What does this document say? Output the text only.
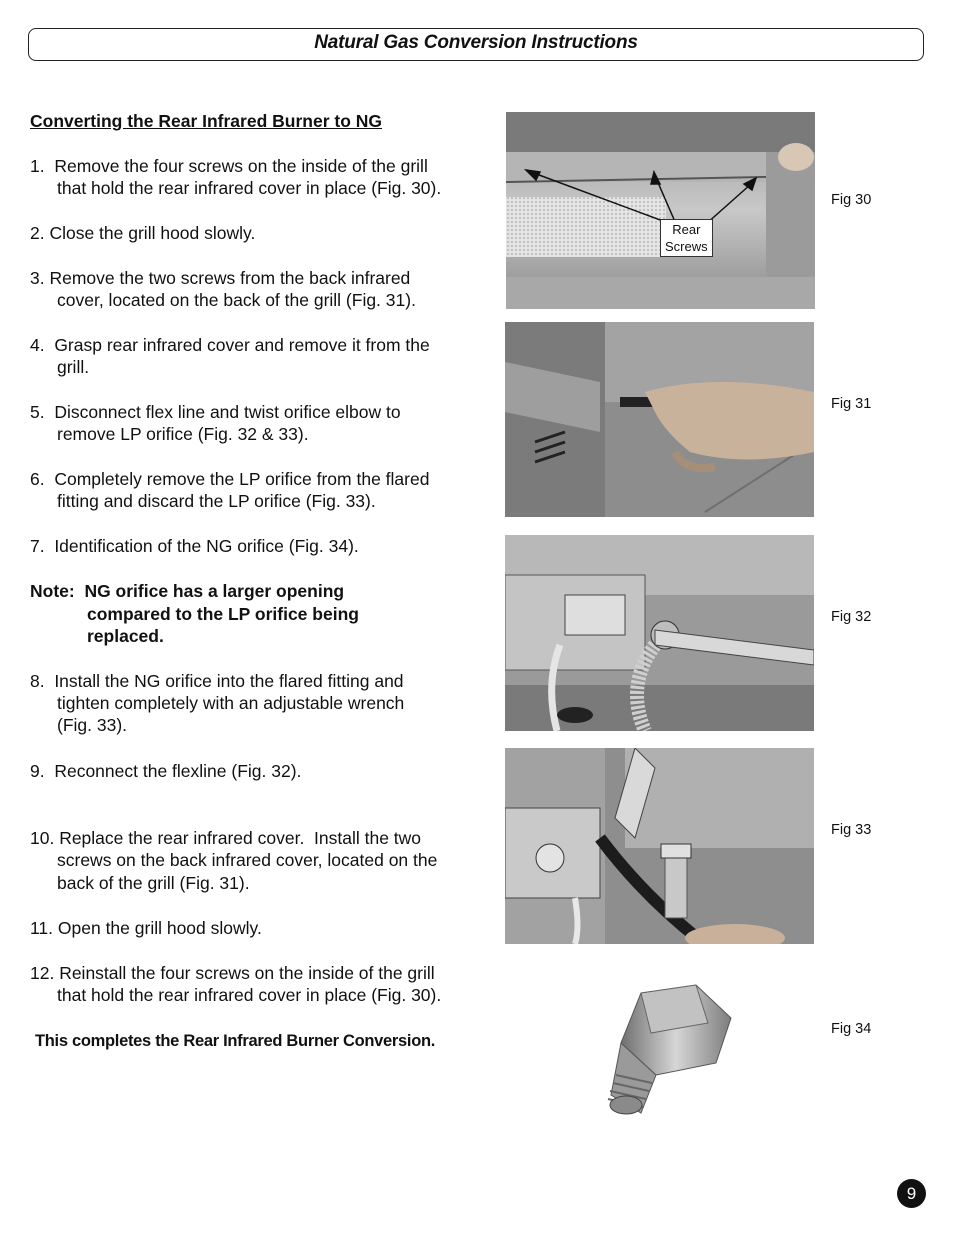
Natural Gas Conversion Instructions
Converting the Rear Infrared Burner to NG
1.  Remove the four screws on the inside of the grill
that hold the rear infrared cover in place (Fig. 30).
2. Close the grill hood slowly.
3. Remove the two screws from the back infrared
cover, located on the back of the grill (Fig. 31).
4.  Grasp rear infrared cover and remove it from the
grill.
5.  Disconnect flex line and twist orifice elbow to
remove LP orifice (Fig. 32 & 33).
6.  Completely remove the LP orifice from the flared
fitting and discard the LP orifice (Fig. 33).
7.  Identification of the NG orifice (Fig. 34).
Note:  NG orifice has a larger opening
compared to the LP orifice being
replaced.
8.  Install the NG orifice into the flared fitting and
tighten completely with an adjustable wrench
(Fig. 33).
9.  Reconnect the flexline (Fig. 32).
10. Replace the rear infrared cover.  Install the two
screws on the back infrared cover, located on the
back of the grill (Fig. 31).
11. Open the grill hood slowly.
12. Reinstall the four screws on the inside of the grill
that hold the rear infrared cover in place (Fig. 30).
This completes the Rear Infrared Burner Conversion.
Rear
Screws
Fig 30
Fig 31
Fig 32
Fig 33
Fig 34
9
